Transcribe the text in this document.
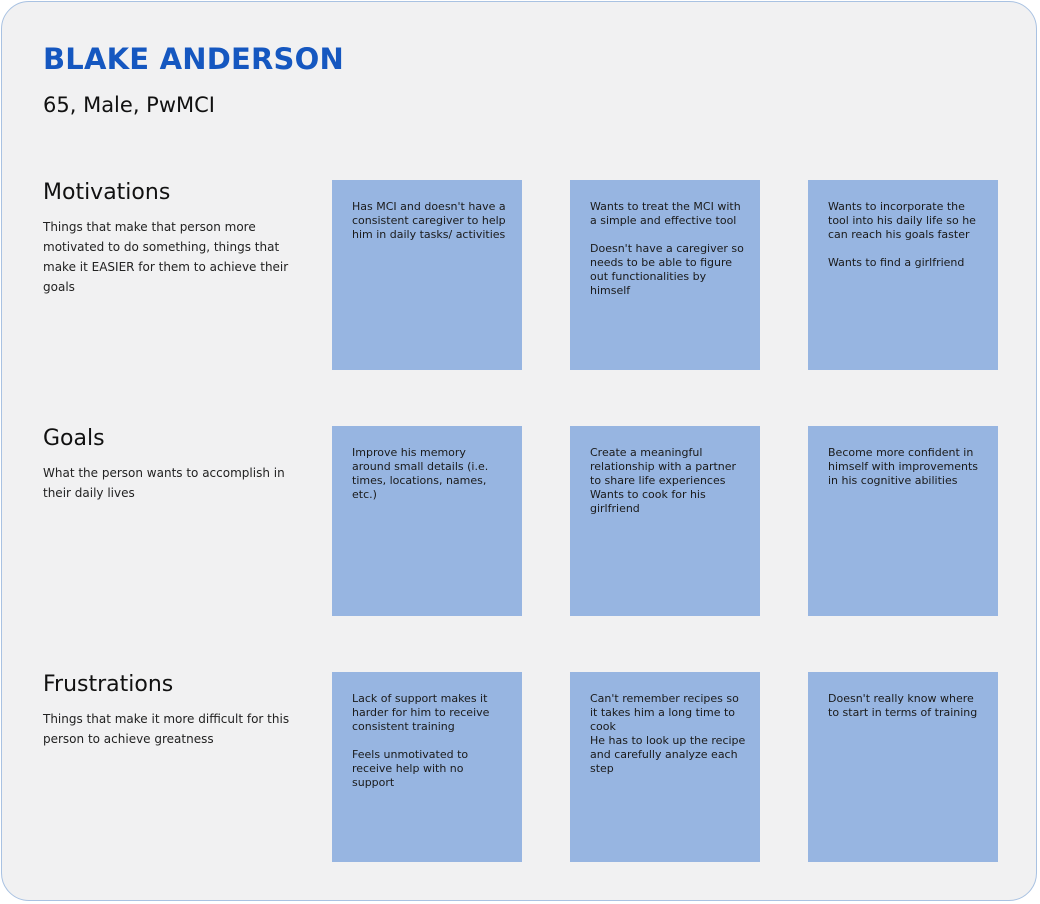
BLAKE ANDERSON

65, Male, PwMCI

Motivations

Things that make that person more motivated to do something, things that make it EASIER for them to achieve their goals

Has MCI and doesn't have a consistent caregiver to help him in daily tasks/ activities
Wants to treat the MCI with a simple and effective tool

Doesn't have a caregiver so needs to be able to figure out functionalities by himself
Wants to incorporate the tool into his daily life so he can reach his goals faster

Wants to find a girlfriend
Goals

What the person wants to accomplish in their daily lives

Improve his memory around small details (i.e. times, locations, names, etc.)
Create a meaningful relationship with a partner to share life experiences
Wants to cook for his girlfriend
Become more confident in himself with improvements in his cognitive abilities
Frustrations

Things that make it more difficult for this person to achieve greatness

Lack of support makes it harder for him to receive consistent training

Feels unmotivated to receive help with no support
Can't remember recipes so it takes him a long time to cook
He has to look up the recipe and carefully analyze each step
Doesn't really know where to start in terms of training
